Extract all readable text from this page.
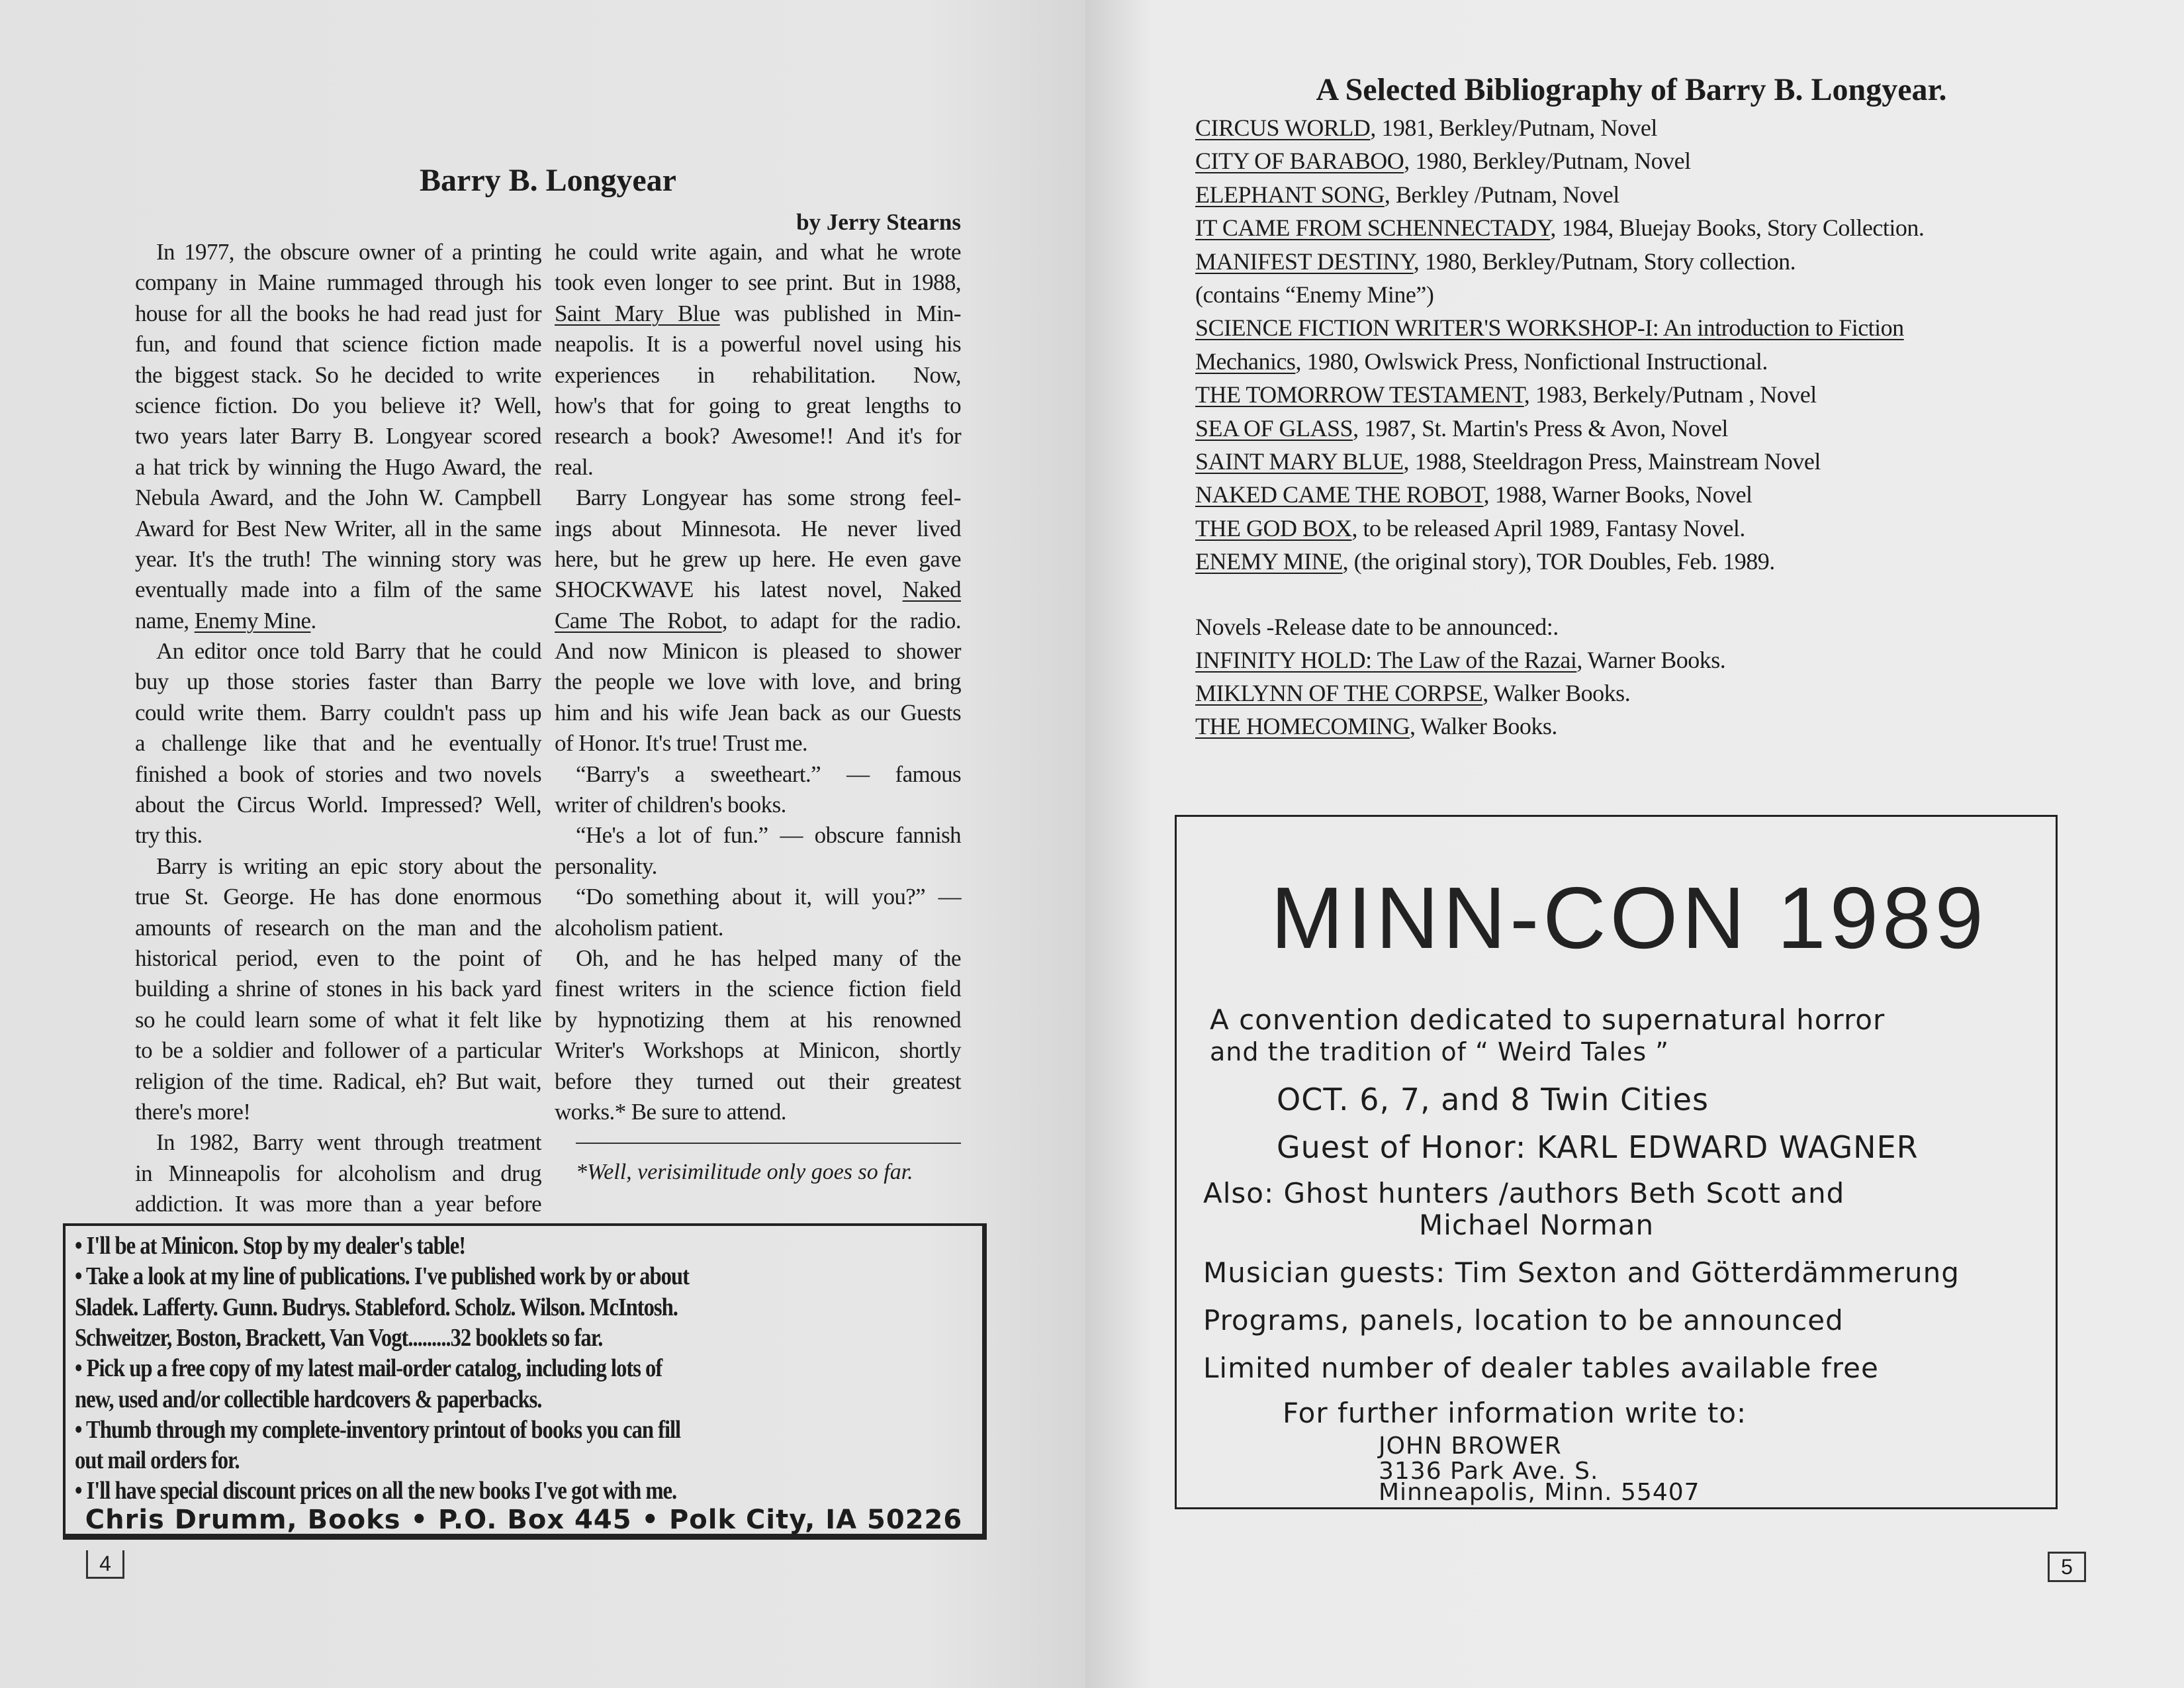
Barry B. Longyear
by Jerry Stearns
In 1977, the obscure owner of a printing
company in Maine rummaged through his
house for all the books he had read just for
fun, and found that science fiction made
the biggest stack. So he decided to write
science fiction. Do you believe it? Well,
two years later Barry B. Longyear scored
a hat trick by winning the Hugo Award, the
Nebula Award, and the John W. Campbell
Award for Best New Writer, all in the same
year. It's the truth! The winning story was
eventually made into a film of the same
name, Enemy Mine.
An editor once told Barry that he could
buy up those stories faster than Barry
could write them. Barry couldn't pass up
a challenge like that and he eventually
finished a book of stories and two novels
about the Circus World. Impressed? Well,
try this.
Barry is writing an epic story about the
true St. George. He has done enormous
amounts of research on the man and the
historical period, even to the point of
building a shrine of stones in his back yard
so he could learn some of what it felt like
to be a soldier and follower of a particular
religion of the time. Radical, eh? But wait,
there's more!
In 1982, Barry went through treatment
in Minneapolis for alcoholism and drug
addiction. It was more than a year before
he could write again, and what he wrote
took even longer to see print. But in 1988,
Saint Mary Blue was published in Min-
neapolis. It is a powerful novel using his
experiences in rehabilitation. Now,
how's that for going to great lengths to
research a book? Awesome!! And it's for
real.
Barry Longyear has some strong feel-
ings about Minnesota. He never lived
here, but he grew up here. He even gave
SHOCKWAVE his latest novel, Naked
Came The Robot, to adapt for the radio.
And now Minicon is pleased to shower
the people we love with love, and bring
him and his wife Jean back as our Guests
of Honor. It's true! Trust me.
“Barry's a sweetheart.” — famous
writer of children's books.
“He's a lot of fun.” — obscure fannish
personality.
“Do something about it, will you?” —
alcoholism patient.
Oh, and he has helped many of the
finest writers in the science fiction field
by hypnotizing them at his renowned
Writer's Workshops at Minicon, shortly
before they turned out their greatest
works.* Be sure to attend.
*Well, verisimilitude only goes so far.
• I'll be at Minicon. Stop by my dealer's table!
• Take a look at my line of publications. I've published work by or about
Sladek. Lafferty. Gunn. Budrys. Stableford. Scholz. Wilson. McIntosh.
Schweitzer, Boston, Brackett, Van Vogt.........32 booklets so far.
• Pick up a free copy of my latest mail-order catalog, including lots of
new, used and/or collectible hardcovers & paperbacks.
• Thumb through my complete-inventory printout of books you can fill
out mail orders for.
• I'll have special discount prices on all the new books I've got with me.
Chris Drumm, Books • P.O. Box 445 • Polk City, IA 50226
4
A Selected Bibliography of Barry B. Longyear.
CIRCUS WORLD, 1981, Berkley/Putnam, Novel
CITY OF BARABOO, 1980, Berkley/Putnam, Novel
ELEPHANT SONG, Berkley /Putnam, Novel
IT CAME FROM SCHENNECTADY, 1984, Bluejay Books, Story Collection.
MANIFEST DESTINY, 1980, Berkley/Putnam, Story collection.
(contains “Enemy Mine”)
SCIENCE FICTION WRITER'S WORKSHOP-I: An introduction to Fiction
Mechanics, 1980, Owlswick Press, Nonfictional Instructional.
THE TOMORROW TESTAMENT, 1983, Berkely/Putnam , Novel
SEA OF GLASS, 1987, St. Martin's Press & Avon, Novel
SAINT MARY BLUE, 1988, Steeldragon Press, Mainstream Novel
NAKED CAME THE ROBOT, 1988, Warner Books, Novel
THE GOD BOX, to be released April 1989, Fantasy Novel.
ENEMY MINE, (the original story), TOR Doubles, Feb. 1989.
Novels -Release date to be announced:.
INFINITY HOLD: The Law of the Razai, Warner Books.
MIKLYNN OF THE CORPSE, Walker Books.
THE HOMECOMING, Walker Books.
MINN-CON 1989
A convention dedicated to supernatural horror
and the tradition of “ Weird Tales ”
OCT. 6, 7, and 8 Twin Cities
Guest of Honor: KARL EDWARD WAGNER
Also: Ghost hunters /authors Beth Scott and
Michael Norman
Musician guests: Tim Sexton and Götterdämmerung
Programs, panels, location to be announced
Limited number of dealer tables available free
For further information write to:
JOHN BROWER
3136 Park Ave. S.
Minneapolis, Minn. 55407
5
